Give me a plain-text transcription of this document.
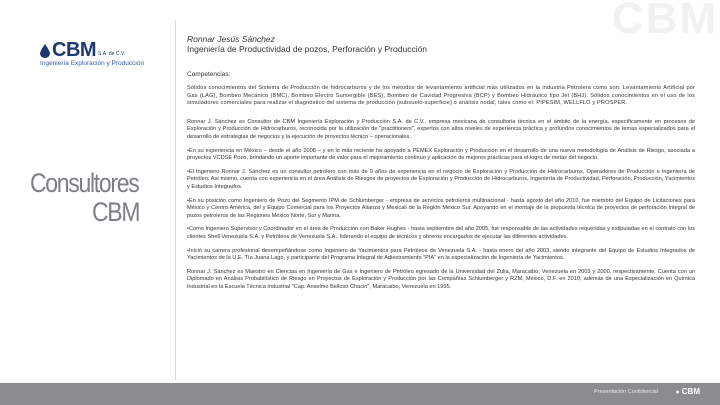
CBM
CBM S.A. de C.V.
Ingeniería Exploración y Producción
Consultores
CBM
Ronnar Jesús Sánchez
Ingeniería de Productividad de pozos, Perforación y Producción
Competencias:
Sólidos conocimientos del Sistema de Producción de hidrocarburos y de los métodos de levantamiento artificial más utilizados en la industria Petrolera como son: Levantamiento Artificial por Gas (LAG), Bombeo Mecánico (BMC), Bombeo Electro Sumergible (BES), Bombeo de Cavidad Progresiva (BCP) y Bombeo Hidráulico tipo Jet (BHJ). Sólidos conocimientos en el uso de los simuladores comerciales para realizar el diagnóstico del sistema de producción (subsuelo-superficie) o análisis nodal, tales como el: PIPESIM, WELLFLO y PROSPER.
Ronnar J. Sánchez es Consultor de CBM Ingeniería Exploración y Producción S.A. de C.V., empresa mexicana de consultoría técnica en el ámbito de la energía, específicamente en procesos de Exploración y Producción de Hidrocarburos, reconocida por la utilización de "practitioners", expertos con altos niveles de experiencia práctica y profundos conocimientos de temas especializados para el desarrollo de estrategias de negocios y la ejecución de proyectos técnico – operacionales.
•En su experiencia en México – desde el año 2008 – y en lo más reciente ha apoyado a PEMEX Exploración y Producción en el desarrollo de una nueva metodología de Análisis de Riesgo, asociada a proyectos VCDSE Pozo, brindando un aporte importante de valor para el mejoramiento continuo y aplicación de mejores prácticas para el logro de metas del negocio.
•El Ingeniero Ronnar J. Sánchez es un consultor petrolero con más de 9 años de experiencia en el negocio de Exploración y Producción de Hidrocarburos, Operadores de Producción e Ingeniería de Petróleo. Así mismo, cuenta con experiencia en el área Análisis de Riesgos de proyectos de Exploración y Producción de Hidrocarburos, Ingeniería de Productividad, Perforación, Producción, Yacimientos y Estudios Integrados.
•En su posición como Ingeniero de Pozo del Segmento IPM de Schlumberger - empresa de servicios petroleros multinacional - hasta agosto del año 2010, fue miembro del Equipo de Licitaciones para México y Centro América, del y Equipo Comercial para los Proyectos Alianza y Mexicali de la Región México Sur. Apoyando en el montaje de la propuesta técnica de proyectos de perforación integral de pozos petroleros de las Regiones México Norte, Sur y Marina.
•Como Ingeniero Supervisor y Coordinador en el área de Producción con Baker Hughes - hasta septiembre del año 2005, fue responsable de las actividades requeridas y estipuladas en el contrato con los clientes Shell Venezuela S.A. y Petróleos de Venezuela S.A., liderando el equipo de técnicos y obreros encargados de ejecutar las diferentes actividades.
•Inició su carrera profesional desempeñándose como Ingeniero de Yacimientos para Petróleos de Venezuela S.A. - hasta enero del año 2003, siendo integrante del Equipo de Estudios Integrados de Yacimientos de la U.E. Tía Juana Lago, y participante del Programa Integral de Adiestramiento "PIA" en la especialización de Ingeniería de Yacimientos.
Ronnar J. Sánchez es Maestro en Ciencias en Ingeniería de Gas e Ingeniero de Petróleo egresado de la Universidad del Zulia, Maracaibo, Venezuela en 2003 y 2000, respectivamente. Cuenta con un Diplomado en Análisis Probabilístico de Riesgo en Proyectos de Exploración y Producción por las Compañías Schlumberger y RZM, México, D.F. en 2010; además de una Especialización en Química Industrial en la Escuela Técnica Industrial "Cap. Anselmo Belloso Chacin", Maracaibo, Venezuela en 1995.
Presentación Confidencial ● CBM
